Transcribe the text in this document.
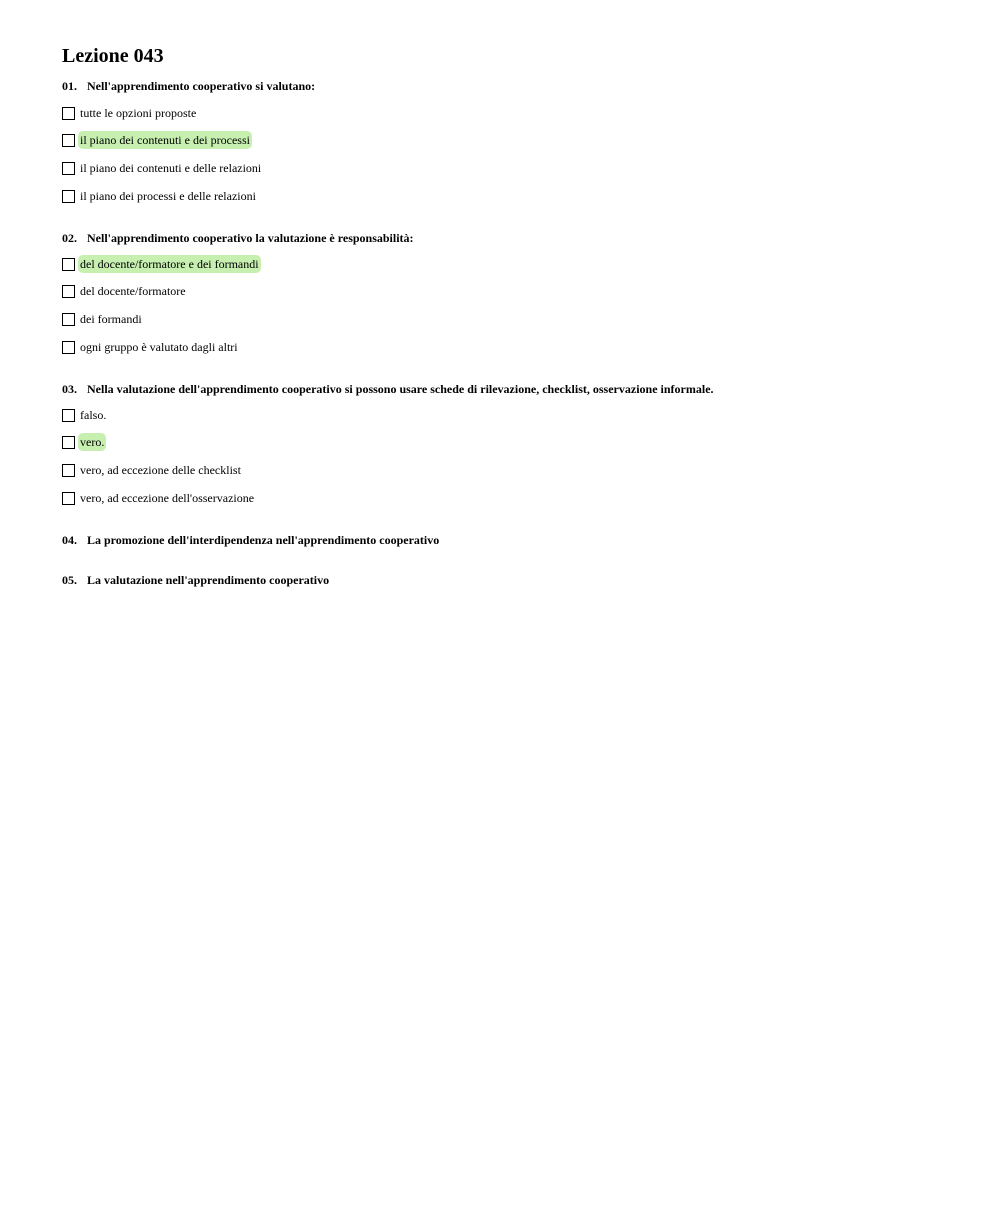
Lezione 043
01. Nell'apprendimento cooperativo si valutano:
tutte le opzioni proposte
il piano dei contenuti e dei processi
il piano dei contenuti e delle relazioni
il piano dei processi e delle relazioni
02. Nell'apprendimento cooperativo la valutazione è responsabilità:
del docente/formatore e dei formandi
del docente/formatore
dei formandi
ogni gruppo è valutato dagli altri
03. Nella valutazione dell'apprendimento cooperativo si possono usare schede di rilevazione, checklist, osservazione informale.
falso.
vero.
vero, ad eccezione delle checklist
vero, ad eccezione dell'osservazione
04. La promozione dell'interdipendenza nell'apprendimento cooperativo
05. La valutazione nell'apprendimento cooperativo
